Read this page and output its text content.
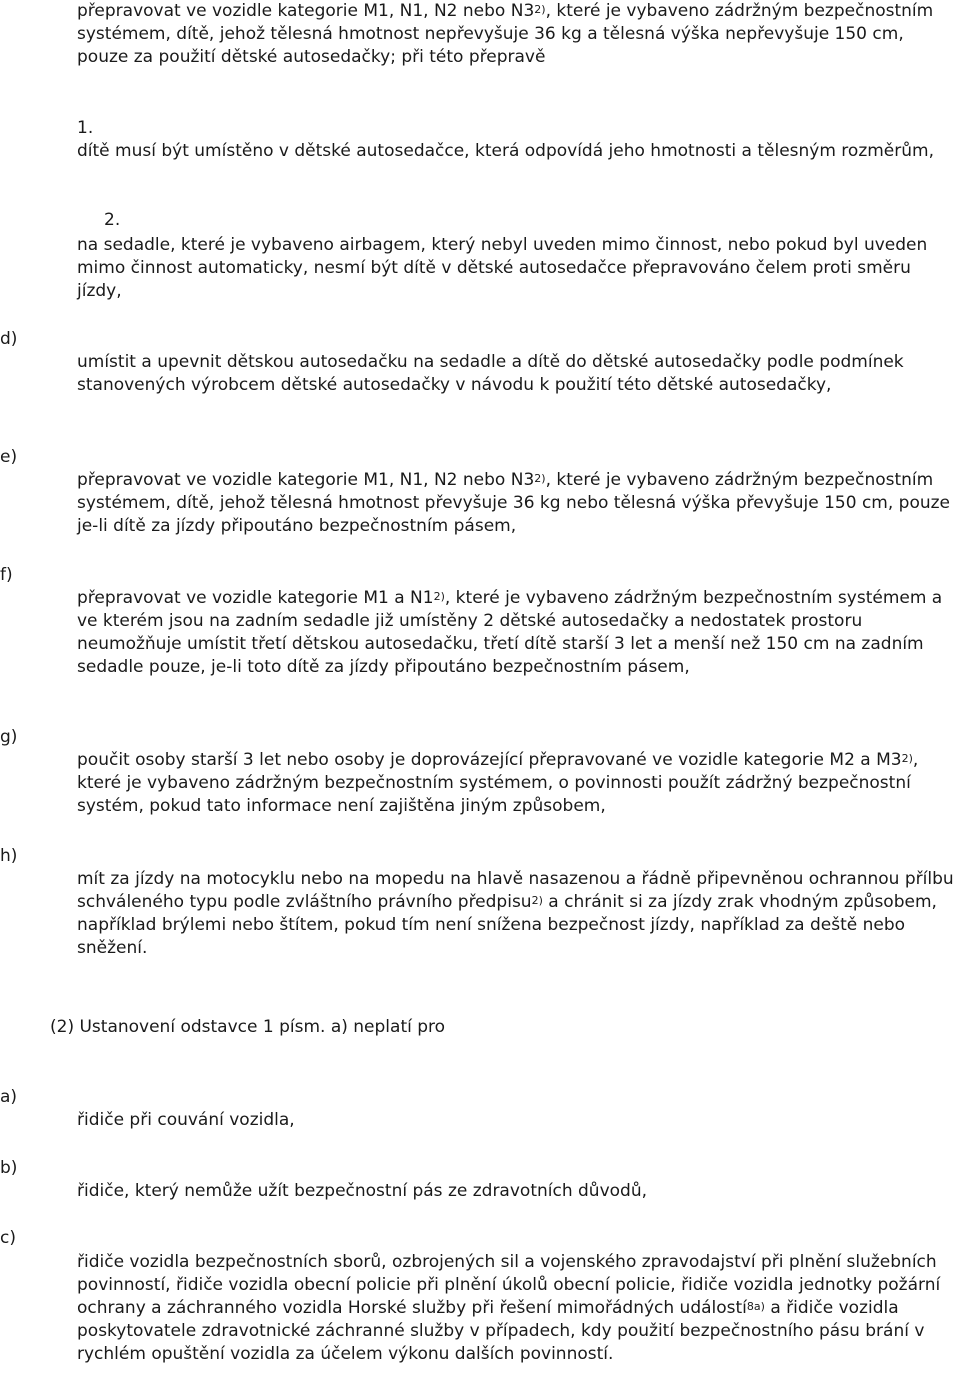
přepravovat ve vozidle kategorie M1, N1, N2 nebo N3$^{2)}$, které je vybaveno zádržným bezpečnostním systémem, dítě, jehož tělesná hmotnost nepřevyšuje 36 kg a tělesná výška nepřevyšuje 150 cm, pouze za použití dětské autosedačky; při této přepravě

1.

dítě musí být umístěno v dětské autosedačce, která odpovídá jeho hmotnosti a tělesným rozměrům,

2.

na sedadle, které je vybaveno airbagem, který nebyl uveden mimo činnost, nebo pokud byl uveden mimo činnost automaticky, nesmí být dítě v dětské autosedačce přepravováno čelem proti směru jízdy,

d)

umístit a upevnit dětskou autosedačku na sedadle a dítě do dětské autosedačky podle podmínek stanovených výrobcem dětské autosedačky v návodu k použití této dětské autosedačky,

e)

přepravovat ve vozidle kategorie M1, N1, N2 nebo N3$^{2)}$, které je vybaveno zádržným bezpečnostním systémem, dítě, jehož tělesná hmotnost převyšuje 36 kg nebo tělesná výška převyšuje 150 cm, pouze je-li dítě za jízdy připoutáno bezpečnostním pásem,

f)

přepravovat ve vozidle kategorie M1 a N1$^{2)}$, které je vybaveno zádržným bezpečnostním systémem a ve kterém jsou na zadním sedadle již umístěny 2 dětské autosedačky a nedostatek prostoru neumožňuje umístit třetí dětskou autosedačku, třetí dítě starší 3 let a menší než 150 cm na zadním sedadle pouze, je-li toto dítě za jízdy připoutáno bezpečnostním pásem,

g)

poučit osoby starší 3 let nebo osoby je doprovázející přepravované ve vozidle kategorie M2 a M3$^{2)}$, které je vybaveno zádržným bezpečnostním systémem, o povinnosti použít zádržný bezpečnostní systém, pokud tato informace není zajištěna jiným způsobem,

h)

mít za jízdy na motocyklu nebo na mopedu na hlavě nasazenou a řádně připevněnou ochrannou přílbu schváleného typu podle zvláštního právního předpisu$^{2)}$ a chránit si za jízdy zrak vhodným způsobem, například brýlemi nebo štítem, pokud tím není snížena bezpečnost jízdy, například za deště nebo sněžení.

(2) Ustanovení odstavce 1 písm. a) neplatí pro

a)

řidiče při couvání vozidla,

b)

řidiče, který nemůže užít bezpečnostní pás ze zdravotních důvodů,

c)

řidiče vozidla bezpečnostních sborů, ozbrojených sil a vojenského zpravodajství při plnění služebních povinností, řidiče vozidla obecní policie při plnění úkolů obecní policie, řidiče vozidla jednotky požární ochrany a záchranného vozidla Horské služby při řešení mimořádných událostí$^{8a)}$ a řidiče vozidla poskytovatele zdravotnické záchranné služby v případech, kdy použití bezpečnostního pásu brání v rychlém opuštění vozidla za účelem výkonu dalších povinností.
